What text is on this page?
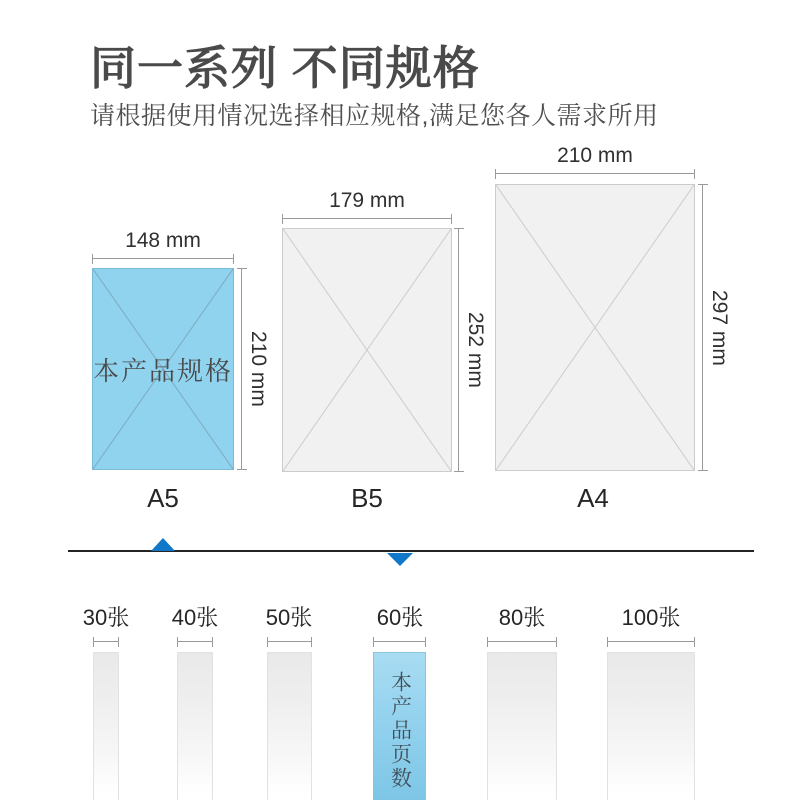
同一系列 不同规格
请根据使用情况选择相应规格,满足您各人需求所用
148 mm
本产品规格 210 mm
A5
179 mm
252 mm
B5
210 mm
297 mm
A4
30张	40张	50张	60张	80张	100张
本产品页数
